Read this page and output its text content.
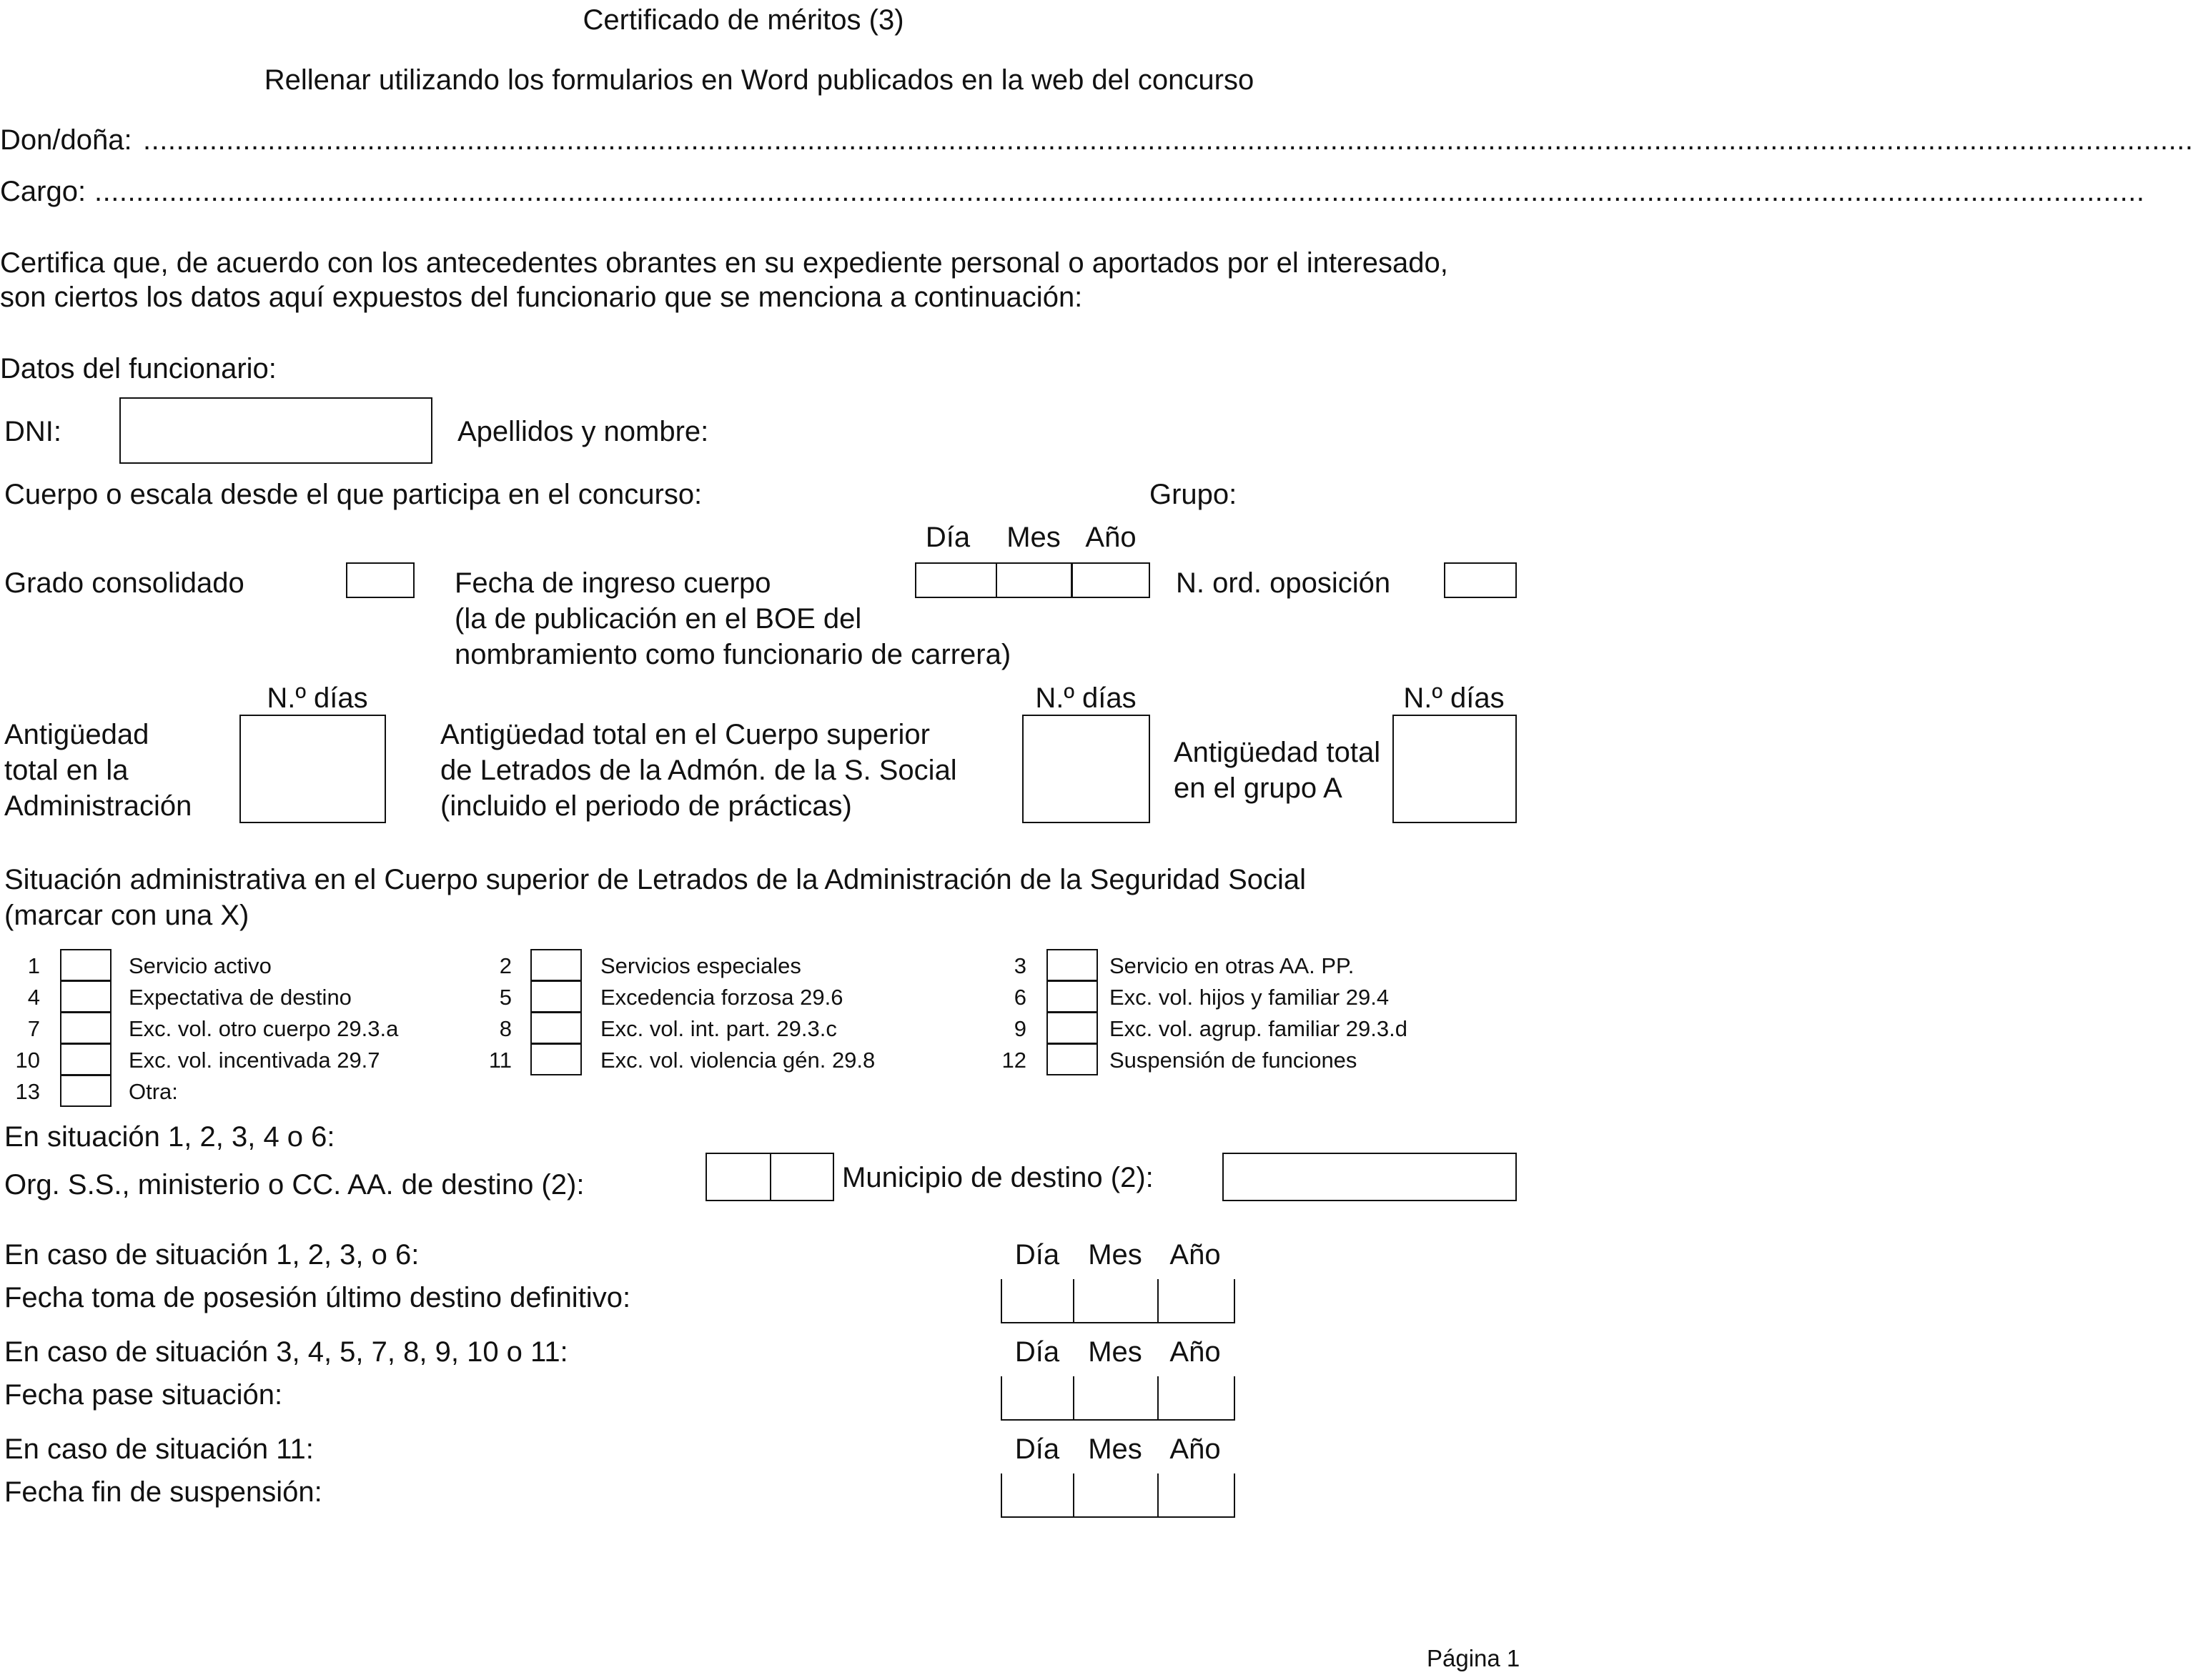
Certificado de méritos (3)
Rellenar utilizando los formularios en Word publicados en la web del concurso
Don/doña: .......................................................................................................................................................................................................................................................
Cargo: .......................................................................................................................................................................................................................................................
Certifica que, de acuerdo con los antecedentes obrantes en su expediente personal o aportados por el interesado,
son ciertos los datos aquí expuestos del funcionario que se menciona a continuación:
Datos del funcionario:
DNI:	Apellidos y nombre:
Cuerpo o escala desde el que participa en el concurso:	Grupo:
Día Mes Año
Grado consolidado	Fecha de ingreso cuerpo
(la de publicación en el BOE del
nombramiento como funcionario de carrera)
N. ord. oposición
N.º días
Antigüedad
total en la
Administración
N.º días
Antigüedad total en el Cuerpo superior
de Letrados de la Admón. de la S. Social
(incluido el periodo de prácticas)
N.º días
Antigüedad total
en el grupo A
Situación administrativa en el Cuerpo superior de Letrados de la Administración de la Seguridad Social
(marcar con una X)
1	Servicio activo	2	Servicios especiales	3	Servicio en otras AA. PP.
4	Expectativa de destino	5	Excedencia forzosa 29.6	6	Exc. vol. hijos y familiar 29.4
7	Exc. vol. otro cuerpo 29.3.a	8	Exc. vol. int. part. 29.3.c	9	Exc. vol. agrup. familiar 29.3.d
10	Exc. vol. incentivada 29.7	11	Exc. vol. violencia gén. 29.8	12	Suspensión de funciones
13	Otra:
En situación 1, 2, 3, 4 o 6:
Org. S.S., ministerio o CC. AA. de destino (2):	Municipio de destino (2):
En caso de situación 1, 2, 3, o 6:	Día Mes Año
Fecha toma de posesión último destino definitivo:
En caso de situación 3, 4, 5, 7, 8, 9, 10 o 11:	Día Mes Año
Fecha pase situación:
En caso de situación 11:	Día Mes Año
Fecha fin de suspensión:
Página 1
